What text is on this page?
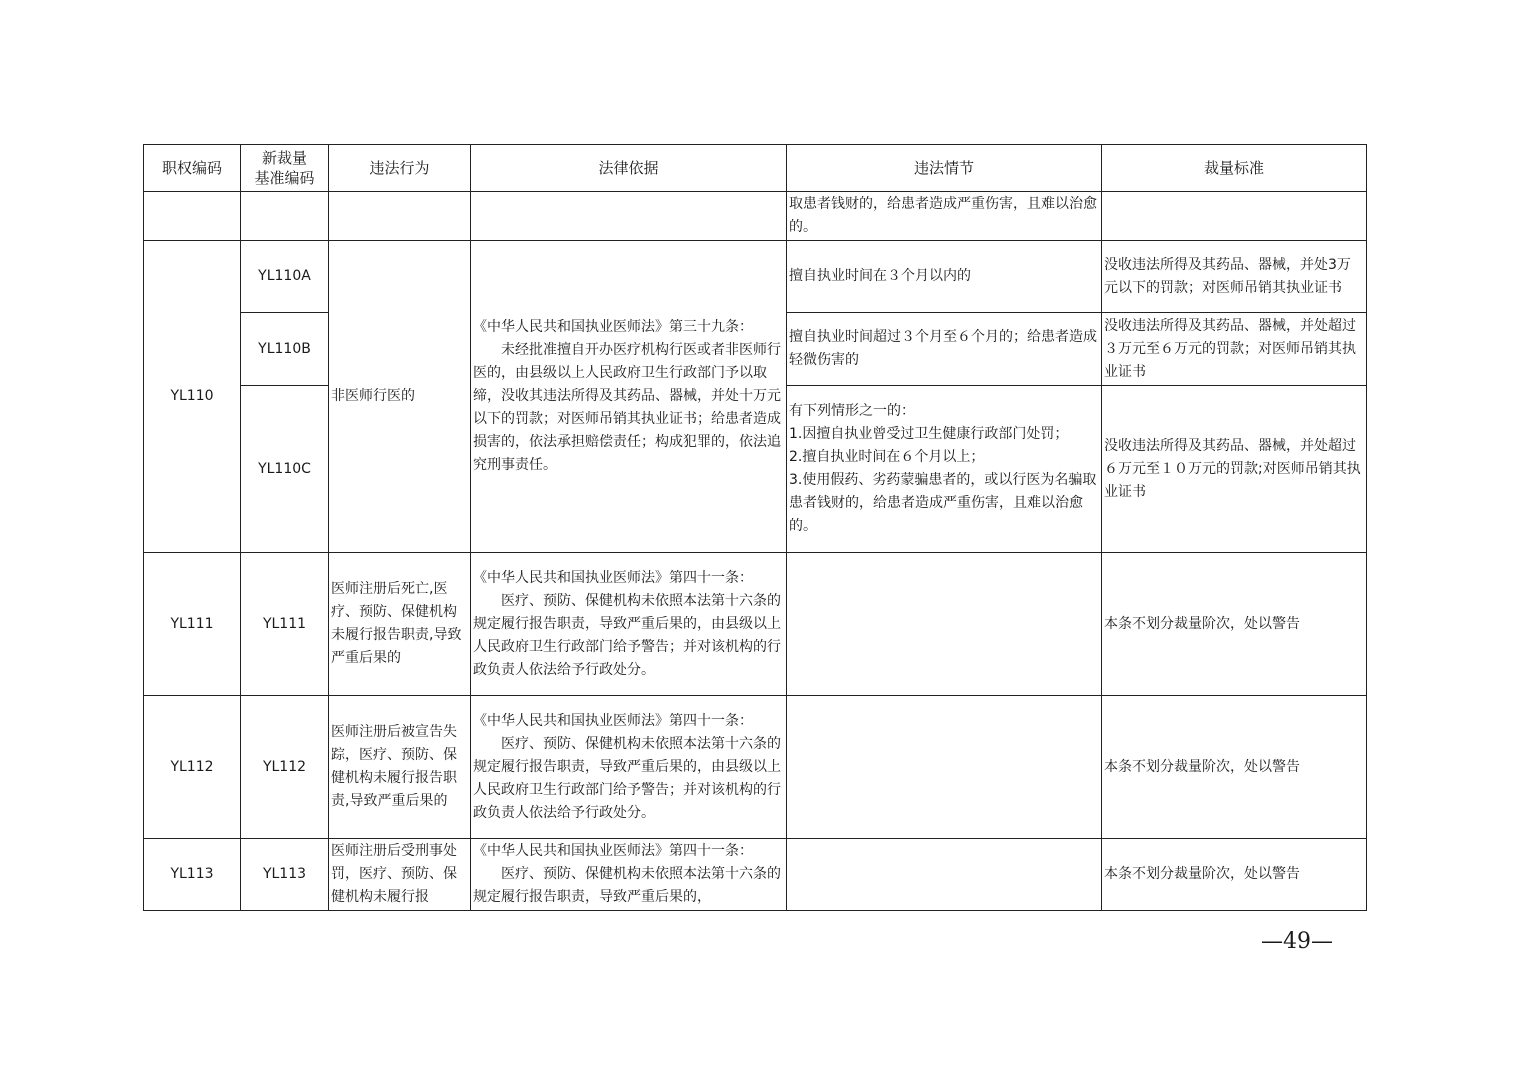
职权编码	新裁量
基准编码	违法行为	法律依据	违法情节	裁量标准
				取患者钱财的，给患者造成严重伤害，且难以治愈的。	
YL110	YL110A	非医师行医的	《中华人民共和国执业医师法》第三十九条：
未经批准擅自开办医疗机构行医或者非医师行医的，由县级以上人民政府卫生行政部门予以取缔，没收其违法所得及其药品、器械，并处十万元以下的罚款；对医师吊销其执业证书；给患者造成损害的，依法承担赔偿责任；构成犯罪的，依法追究刑事责任。	擅自执业时间在３个月以内的	没收违法所得及其药品、器械，并处3万元以下的罚款；对医师吊销其执业证书
	YL110B			擅自执业时间超过３个月至６个月的；给患者造成轻微伤害的	没收违法所得及其药品、器械，并处超过３万元至６万元的罚款；对医师吊销其执业证书
	YL110C			有下列情形之一的：
1.因擅自执业曾受过卫生健康行政部门处罚；
2.擅自执业时间在６个月以上；
3.使用假药、劣药蒙骗患者的，或以行医为名骗取患者钱财的，给患者造成严重伤害，且难以治愈的。	没收违法所得及其药品、器械，并处超过６万元至１０万元的罚款;对医师吊销其执业证书
YL111	YL111	医师注册后死亡,医疗、预防、保健机构未履行报告职责,导致严重后果的	《中华人民共和国执业医师法》第四十一条：
医疗、预防、保健机构未依照本法第十六条的规定履行报告职责，导致严重后果的，由县级以上人民政府卫生行政部门给予警告；并对该机构的行政负责人依法给予行政处分。		本条不划分裁量阶次，处以警告
YL112	YL112	医师注册后被宣告失踪，医疗、预防、保健机构未履行报告职责,导致严重后果的	《中华人民共和国执业医师法》第四十一条：
医疗、预防、保健机构未依照本法第十六条的规定履行报告职责，导致严重后果的，由县级以上人民政府卫生行政部门给予警告；并对该机构的行政负责人依法给予行政处分。		本条不划分裁量阶次，处以警告
YL113	YL113	医师注册后受刑事处罚，医疗、预防、保健机构未履行报	《中华人民共和国执业医师法》第四十一条：
医疗、预防、保健机构未依照本法第十六条的规定履行报告职责，导致严重后果的，		本条不划分裁量阶次，处以警告
—49—
